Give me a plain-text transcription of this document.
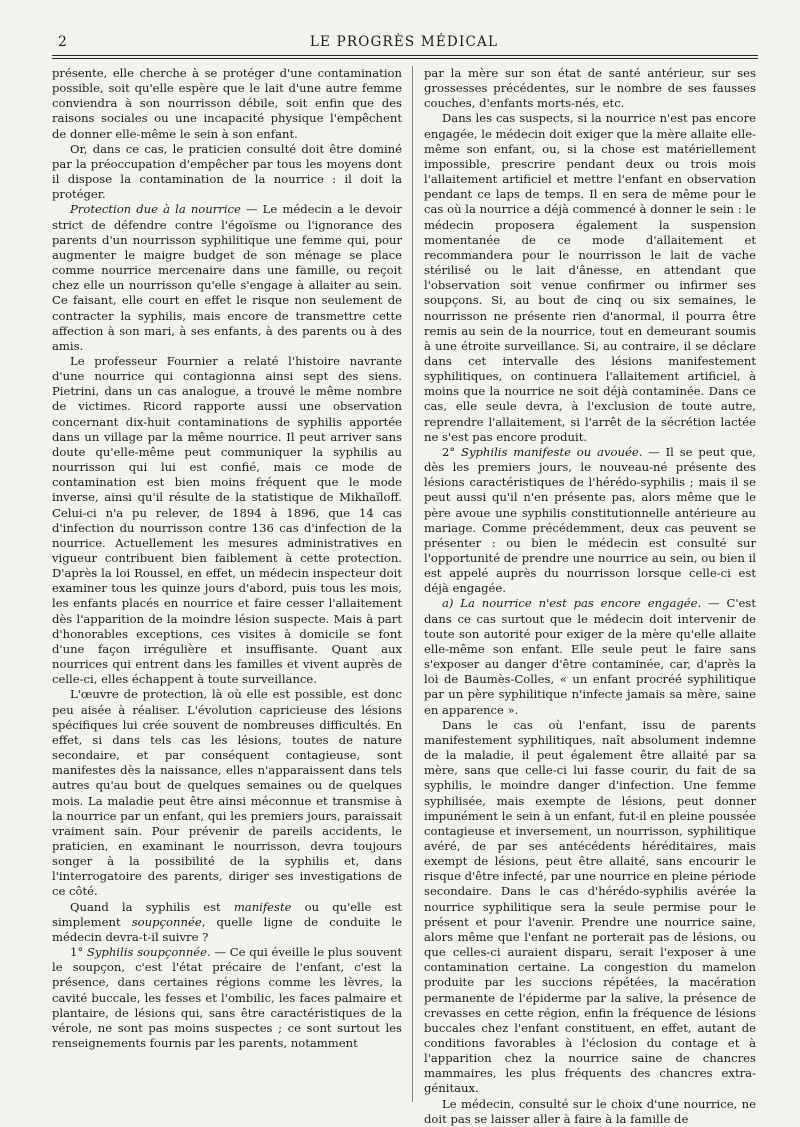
2	LE PROGRÈS MÉDICAL

présente, elle cherche à se protéger d'une contamination possible, soit qu'elle espère que le lait d'une autre femme conviendra à son nourrisson débile, soit enfin que des raisons sociales ou une incapacité physique l'empêchent de donner elle-même le sein à son enfant.

Or, dans ce cas, le praticien consulté doit être dominé par la préoccupation d'empêcher par tous les moyens dont il dispose la contamination de la nourrice : il doit la protéger.

Protection due à la nourrice — Le médecin a le devoir strict de défendre contre l'égoïsme ou l'ignorance des parents d'un nourrisson syphilitique une femme qui, pour augmenter le maigre budget de son ménage se place comme nourrice mercenaire dans une famille, ou reçoit chez elle un nourrisson qu'elle s'engage à allaiter au sein. Ce faisant, elle court en effet le risque non seulement de contracter la syphilis, mais encore de transmettre cette affection à son mari, à ses enfants, à des parents ou à des amis.

Le professeur Fournier a relaté l'histoire navrante d'une nourrice qui contagionna ainsi sept des siens. Pietrini, dans un cas analogue, a trouvé le même nombre de victimes. Ricord rapporte aussi une observation concernant dix-huit contaminations de syphilis apportée dans un village par la même nourrice. Il peut arriver sans doute qu'elle-même peut communiquer la syphilis au nourrisson qui lui est confié, mais ce mode de contamination est bien moins fréquent que le mode inverse, ainsi qu'il résulte de la statistique de Mikhaïloff. Celui-ci n'a pu relever, de 1894 à 1896, que 14 cas d'infection du nourrisson contre 136 cas d'infection de la nourrice. Actuellement les mesures administratives en vigueur contribuent bien faiblement à cette protection. D'après la loi Roussel, en effet, un médecin inspecteur doit examiner tous les quinze jours d'abord, puis tous les mois, les enfants placés en nourrice et faire cesser l'allaitement dès l'apparition de la moindre lésion suspecte. Mais à part d'honorables exceptions, ces visites à domicile se font d'une façon irrégulière et insuffisante. Quant aux nourrices qui entrent dans les familles et vivent auprès de celle-ci, elles échappent à toute surveillance.

L'œuvre de protection, là où elle est possible, est donc peu aisée à réaliser. L'évolution capricieuse des lésions spécifiques lui crée souvent de nombreuses difficultés. En effet, si dans tels cas les lésions, toutes de nature secondaire, et par conséquent contagieuse, sont manifestes dès la naissance, elles n'apparaissent dans tels autres qu'au bout de quelques semaines ou de quelques mois. La maladie peut être ainsi méconnue et transmise à la nourrice par un enfant, qui les premiers jours, paraissait vraiment sain. Pour prévenir de pareils accidents, le praticien, en examinant le nourrisson, devra toujours songer à la possibilité de la syphilis et, dans l'interrogatoire des parents, diriger ses investigations de ce côté.

Quand la syphilis est manifeste ou qu'elle est simplement soupçonnée, quelle ligne de conduite le médecin devra-t-il suivre ?

1° Syphilis soupçonnée. — Ce qui éveille le plus souvent le soupçon, c'est l'état précaire de l'enfant, c'est la présence, dans certaines régions comme les lèvres, la cavité buccale, les fesses et l'ombilic, les faces palmaire et plantaire, de lésions qui, sans être caractéristiques de la vérole, ne sont pas moins suspectes ; ce sont surtout les renseignements fournis par les parents, notamment

par la mère sur son état de santé antérieur, sur ses grossesses précédentes, sur le nombre de ses fausses couches, d'enfants morts-nés, etc.

Dans les cas suspects, si la nourrice n'est pas encore engagée, le médecin doit exiger que la mère allaite elle-même son enfant, ou, si la chose est matériellement impossible, prescrire pendant deux ou trois mois l'allaitement artificiel et mettre l'enfant en observation pendant ce laps de temps. Il en sera de même pour le cas où la nourrice a déjà commencé à donner le sein : le médecin proposera également la suspension momentanée de ce mode d'allaitement et recommandera pour le nourrisson le lait de vache stérilisé ou le lait d'ânesse, en attendant que l'observation soit venue confirmer ou infirmer ses soupçons. Si, au bout de cinq ou six semaines, le nourrisson ne présente rien d'anormal, il pourra être remis au sein de la nourrice, tout en demeurant soumis à une étroite surveillance. Si, au contraire, il se déclare dans cet intervalle des lésions manifestement syphilitiques, on continuera l'allaitement artificiel, à moins que la nourrice ne soit déjà contaminée. Dans ce cas, elle seule devra, à l'exclusion de toute autre, reprendre l'allaitement, si l'arrêt de la sécrétion lactée ne s'est pas encore produit.

2° Syphilis manifeste ou avouée. — Il se peut que, dès les premiers jours, le nouveau-né présente des lésions caractéristiques de l'hérédo-syphilis ; mais il se peut aussi qu'il n'en présente pas, alors même que le père avoue une syphilis constitutionnelle antérieure au mariage. Comme précédemment, deux cas peuvent se présenter : ou bien le médecin est consulté sur l'opportunité de prendre une nourrice au sein, ou bien il est appelé auprès du nourrisson lorsque celle-ci est déjà engagée.

a) La nourrice n'est pas encore engagée. — C'est dans ce cas surtout que le médecin doit intervenir de toute son autorité pour exiger de la mère qu'elle allaite elle-même son enfant. Elle seule peut le faire sans s'exposer au danger d'être contaminée, car, d'après la loi de Baumès-Colles, « un enfant procréé syphilitique par un père syphilitique n'infecte jamais sa mère, saine en apparence ».

Dans le cas où l'enfant, issu de parents manifestement syphilitiques, naît absolument indemne de la maladie, il peut également être allaité par sa mère, sans que celle-ci lui fasse courir, du fait de sa syphilis, le moindre danger d'infection. Une femme syphilisée, mais exempte de lésions, peut donner impunément le sein à un enfant, fut-il en pleine poussée contagieuse et inversement, un nourrisson, syphilitique avéré, de par ses antécédents héréditaires, mais exempt de lésions, peut être allaité, sans encourir le risque d'être infecté, par une nourrice en pleine période secondaire. Dans le cas d'hérédo-syphilis avérée la nourrice syphilitique sera la seule permise pour le présent et pour l'avenir. Prendre une nourrice saine, alors même que l'enfant ne porterait pas de lésions, ou que celles-ci auraient disparu, serait l'exposer à une contamination certaine. La congestion du mamelon produite par les succions répétées, la macération permanente de l'épiderme par la salive, la présence de crevasses en cette région, enfin la fréquence de lésions buccales chez l'enfant constituent, en effet, autant de conditions favorables à l'éclosion du contage et à l'apparition chez la nourrice saine de chancres mammaires, les plus fréquents des chancres extra-génitaux.

Le médecin, consulté sur le choix d'une nourrice, ne doit pas se laisser aller à faire à la famille de
